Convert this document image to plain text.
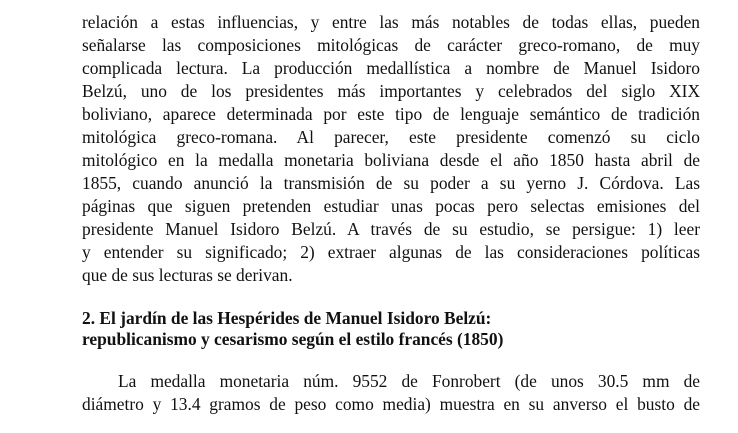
relación a estas influencias, y entre las más notables de todas ellas, pueden
señalarse las composiciones mitológicas de carácter greco-romano, de muy
complicada lectura. La producción medallística a nombre de Manuel Isidoro
Belzú, uno de los presidentes más importantes y celebrados del siglo XIX
boliviano, aparece determinada por este tipo de lenguaje semántico de tradición
mitológica greco-romana. Al parecer, este presidente comenzó su ciclo
mitológico en la medalla monetaria boliviana desde el año 1850 hasta abril de
1855, cuando anunció la transmisión de su poder a su yerno J. Córdova. Las
páginas que siguen pretenden estudiar unas pocas pero selectas emisiones del
presidente Manuel Isidoro Belzú. A través de su estudio, se persigue: 1) leer
y entender su significado; 2) extraer algunas de las consideraciones políticas
que de sus lecturas se derivan.
2. El jardín de las Hespérides de Manuel Isidoro Belzú:
republicanismo y cesarismo según el estilo francés (1850)
La medalla monetaria núm. 9552 de Fonrobert (de unos 30.5 mm de
diámetro y 13.4 gramos de peso como media) muestra en su anverso el busto de
